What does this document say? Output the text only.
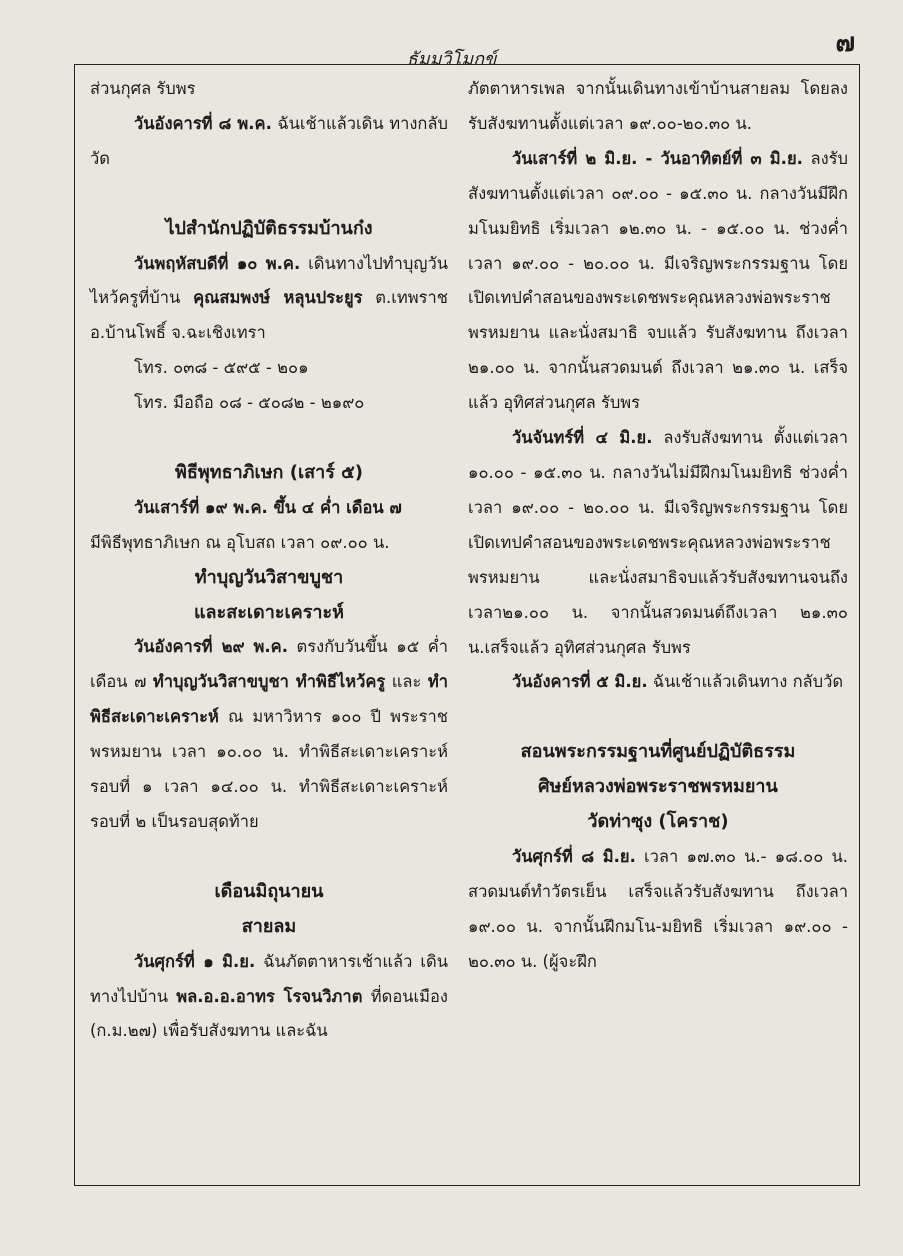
๗
ธัมมวิโมกข์

ส่วนกุศล รับพร

วันอังคารที่ ๘ พ.ค. ฉันเช้าแล้วเดิน ทางกลับวัด

ไปสำนักปฏิบัติธรรมบ้านก๋ง

วันพฤหัสบดีที่ ๑๐ พ.ค. เดินทางไปทำบุญวันไหว้ครูที่บ้าน คุณสมพงษ์ หลุนประยูร ต.เทพราช อ.บ้านโพธิ์ จ.ฉะเชิงเทรา

โทร. ๐๓๘ - ๕๙๕ - ๒๐๑

โทร. มือถือ ๐๘ - ๕๐๘๒ - ๒๑๙๐

พิธีพุทธาภิเษก (เสาร์ ๕)

วันเสาร์ที่ ๑๙ พ.ค. ขึ้น ๔ ค่ำ เดือน ๗

มีพิธีพุทธาภิเษก ณ อุโบสถ เวลา ๐๙.๐๐ น.

ทำบุญวันวิสาขบูชา

และสะเดาะเคราะห์

วันอังคารที่ ๒๙ พ.ค. ตรงกับวันขึ้น ๑๕ ค่ำ เดือน ๗ ทำบุญวันวิสาขบูชา ทำพิธีไหว้ครู และ ทำพิธีสะเดาะเคราะห์ ณ มหาวิหาร ๑๐๐ ปี พระราชพรหมยาน เวลา ๑๐.๐๐ น. ทำพิธีสะเดาะเคราะห์ รอบที่ ๑ เวลา ๑๔.๐๐ น. ทำพิธีสะเดาะเคราะห์ รอบที่ ๒ เป็นรอบสุดท้าย

เดือนมิถุนายน

สายลม

วันศุกร์ที่ ๑ มิ.ย. ฉันภัตตาหารเช้าแล้ว เดินทางไปบ้าน พล.อ.อ.อาทร โรจนวิภาต ที่ดอนเมือง (ก.ม.๒๗) เพื่อรับสังฆทาน และฉัน

ภัตตาหารเพล จากนั้นเดินทางเข้าบ้านสายลม โดยลงรับสังฆทานตั้งแต่เวลา ๑๙.๐๐-๒๐.๓๐ น.

วันเสาร์ที่ ๒ มิ.ย. - วันอาทิตย์ที่ ๓ มิ.ย. ลงรับสังฆทานตั้งแต่เวลา ๐๙.๐๐ - ๑๕.๓๐ น. กลางวันมีฝึกมโนมยิทธิ เริ่มเวลา ๑๒.๓๐ น. - ๑๕.๐๐ น. ช่วงค่ำ เวลา ๑๙.๐๐ - ๒๐.๐๐ น. มีเจริญพระกรรมฐาน โดยเปิดเทปคำสอนของพระเดชพระคุณหลวงพ่อพระราชพรหมยาน และนั่งสมาธิ จบแล้ว รับสังฆทาน ถึงเวลา ๒๑.๐๐ น. จากนั้นสวดมนต์ ถึงเวลา ๒๑.๓๐ น. เสร็จแล้ว อุทิศส่วนกุศล รับพร

วันจันทร์ที่ ๔ มิ.ย. ลงรับสังฆทาน ตั้งแต่เวลา ๑๐.๐๐ - ๑๕.๓๐ น. กลางวันไม่มีฝึกมโนมยิทธิ ช่วงค่ำเวลา ๑๙.๐๐ - ๒๐.๐๐ น. มีเจริญพระกรรมฐาน โดยเปิดเทปคำสอนของพระเดชพระคุณหลวงพ่อพระราชพรหมยาน และนั่งสมาธิจบแล้วรับสังฆทานจนถึงเวลา๒๑.๐๐ น. จากนั้นสวดมนต์ถึงเวลา ๒๑.๓๐ น.เสร็จแล้ว อุทิศส่วนกุศล รับพร

วันอังคารที่ ๕ มิ.ย. ฉันเช้าแล้วเดินทาง กลับวัด

สอนพระกรรมฐานที่ศูนย์ปฏิบัติธรรม

ศิษย์หลวงพ่อพระราชพรหมยาน

วัดท่าซุง (โคราช)

วันศุกร์ที่ ๘ มิ.ย. เวลา ๑๗.๓๐ น.- ๑๘.๐๐ น. สวดมนต์ทำวัตรเย็น เสร็จแล้วรับสังฆทาน ถึงเวลา ๑๙.๐๐ น. จากนั้นฝึกมโน-มยิทธิ เริ่มเวลา ๑๙.๐๐ - ๒๐.๓๐ น. (ผู้จะฝึก
